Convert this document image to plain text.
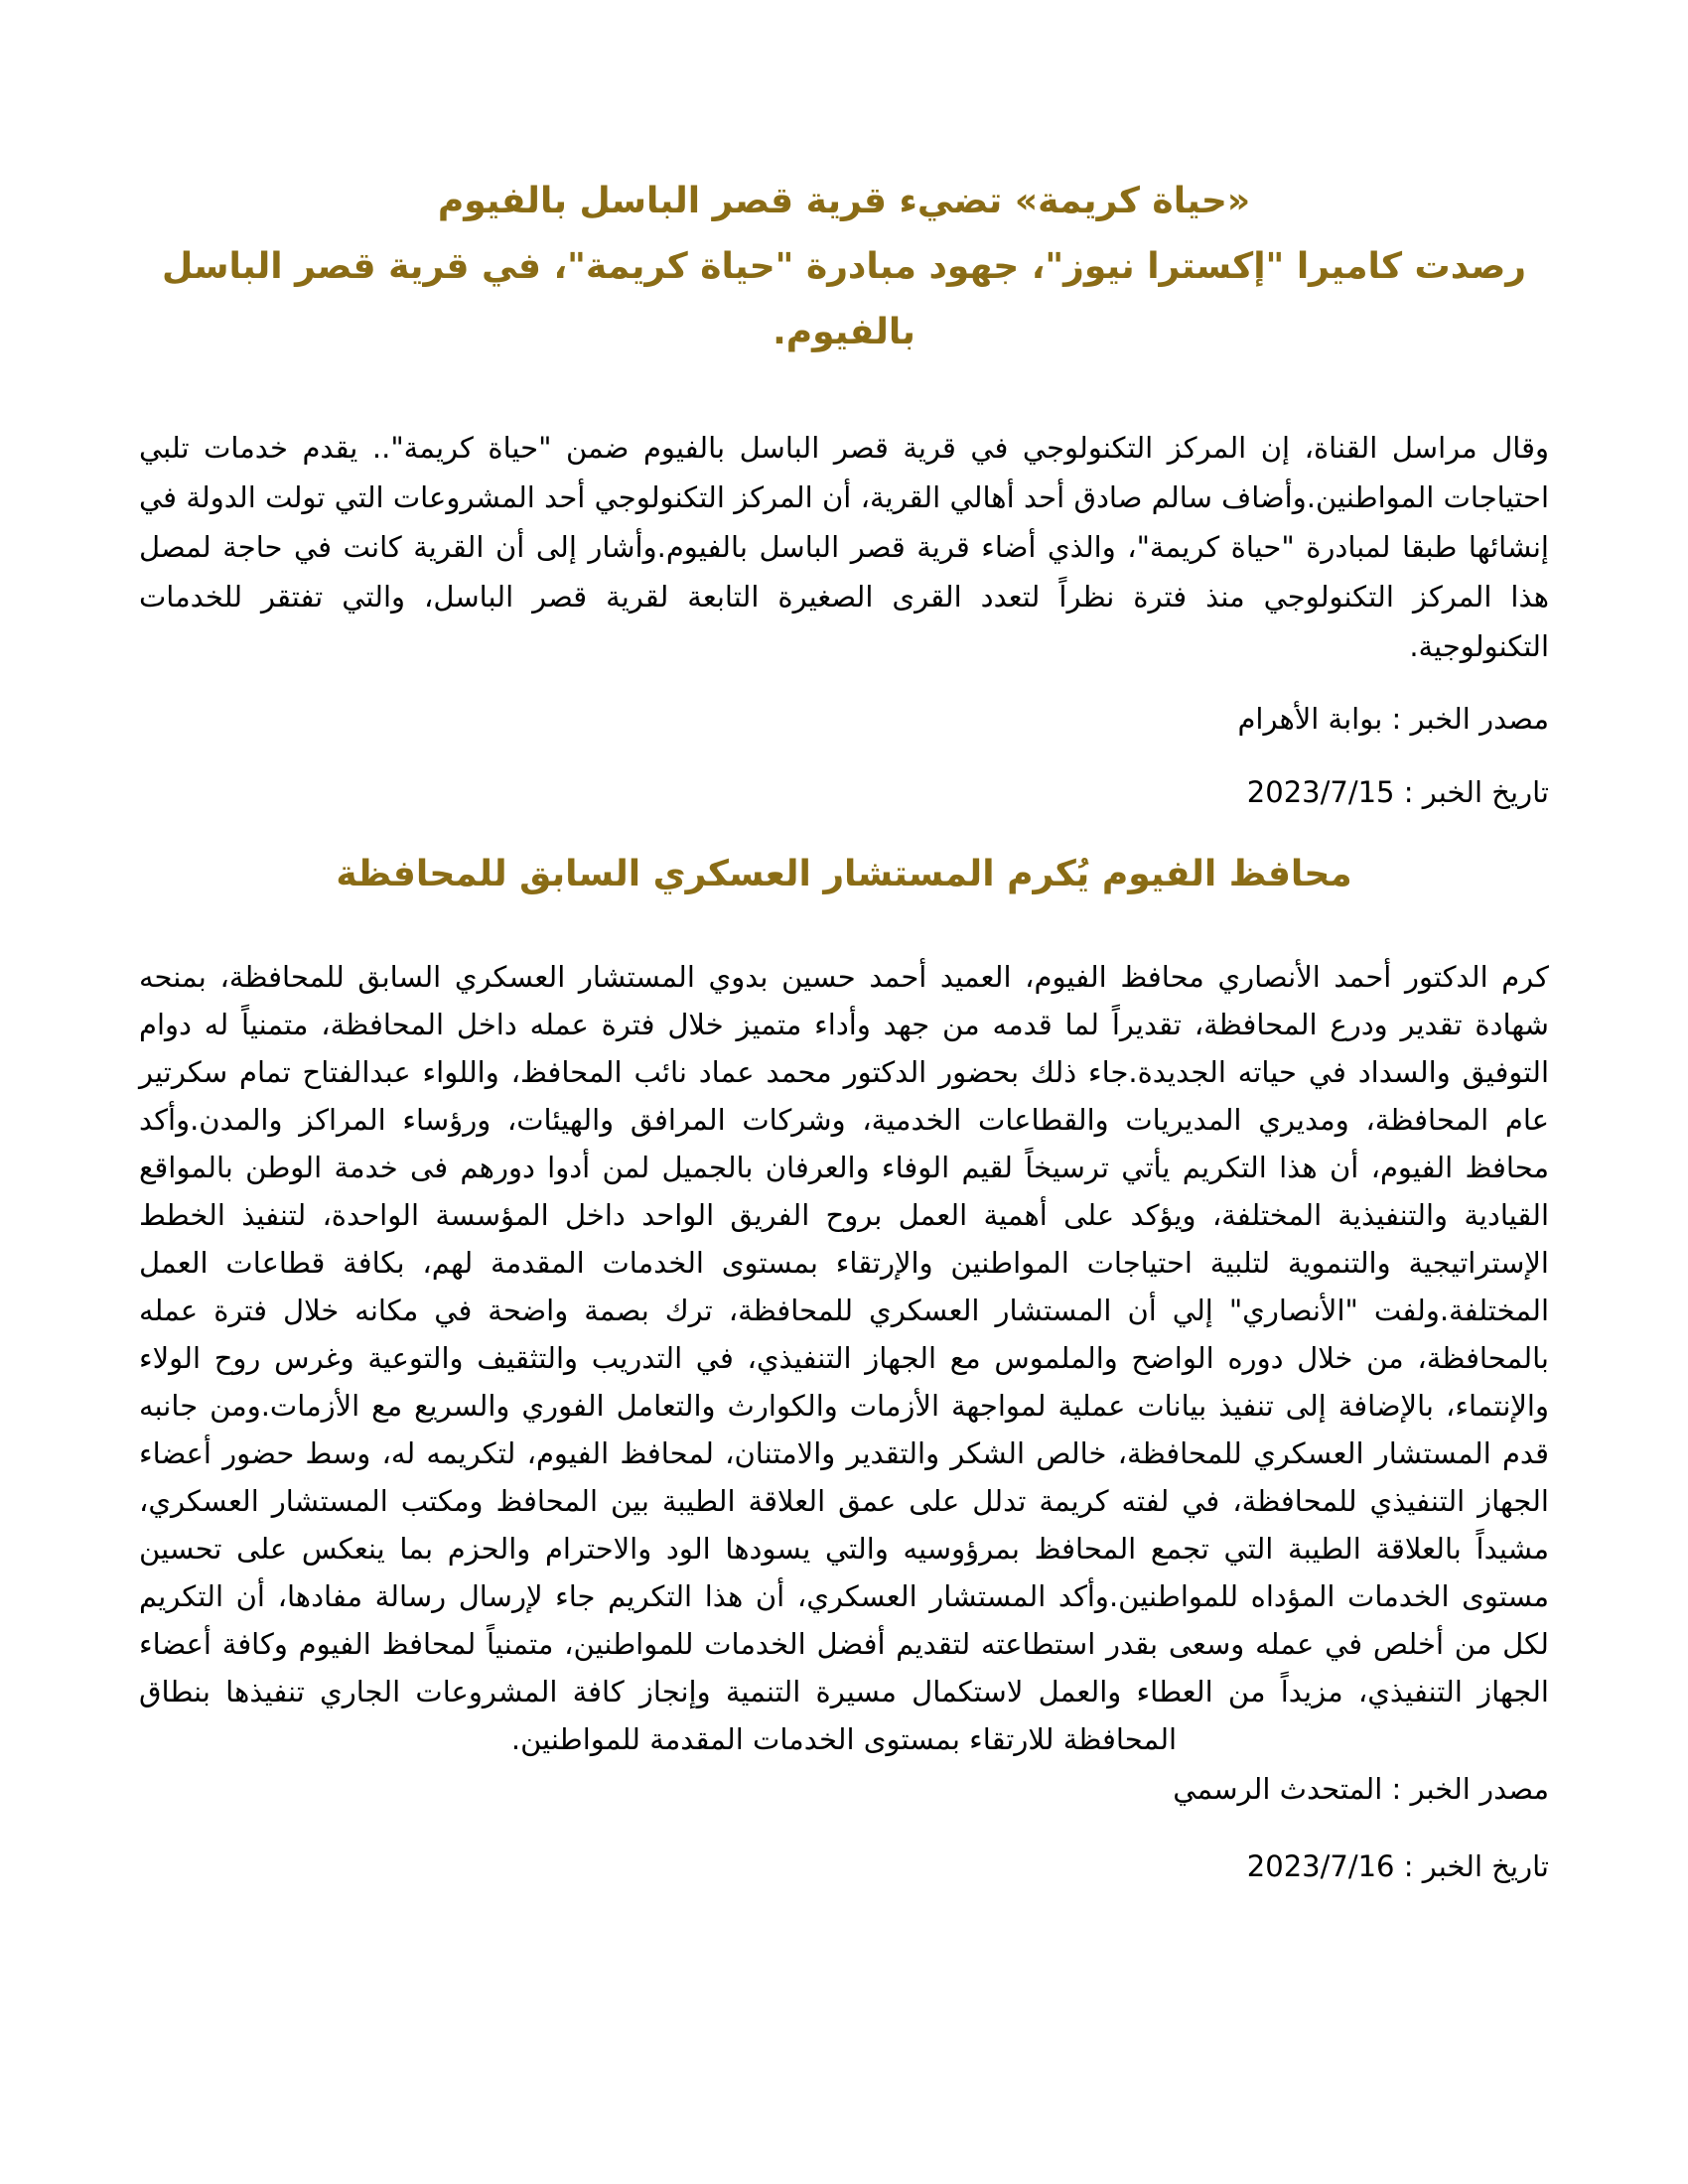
«حياة كريمة» تضيء قرية قصر الباسل بالفيوم
رصدت كاميرا "إكسترا نيوز"، جهود مبادرة "حياة كريمة"، في قرية قصر الباسل بالفيوم.

وقال مراسل القناة، إن المركز التكنولوجي في قرية قصر الباسل بالفيوم ضمن "حياة كريمة".. يقدم خدمات تلبي احتياجات المواطنين.وأضاف سالم صادق أحد أهالي القرية، أن المركز التكنولوجي أحد المشروعات التي تولت الدولة في إنشائها طبقا لمبادرة "حياة كريمة"، والذي أضاء قرية قصر الباسل بالفيوم.وأشار إلى أن القرية كانت في حاجة لمصل هذا المركز التكنولوجي منذ فترة نظراً لتعدد القرى الصغيرة التابعة لقرية قصر الباسل، والتي تفتقر للخدمات التكنولوجية.

مصدر الخبر : بوابة الأهرام
تاريخ الخبر : 2023/7/15
محافظ الفيوم يُكرم المستشار العسكري السابق للمحافظة

كرم الدكتور أحمد الأنصاري محافظ الفيوم، العميد أحمد حسين بدوي المستشار العسكري السابق للمحافظة، بمنحه شهادة تقدير ودرع المحافظة، تقديراً لما قدمه من جهد وأداء متميز خلال فترة عمله داخل المحافظة، متمنياً له دوام التوفيق والسداد في حياته الجديدة.جاء ذلك بحضور الدكتور محمد عماد نائب المحافظ، واللواء عبدالفتاح تمام سكرتير عام المحافظة، ومديري المديريات والقطاعات الخدمية، وشركات المرافق والهيئات، ورؤساء المراكز والمدن.وأكد محافظ الفيوم، أن هذا التكريم يأتي ترسيخاً لقيم الوفاء والعرفان بالجميل لمن أدوا دورهم فى خدمة الوطن بالمواقع القيادية والتنفيذية المختلفة، ويؤكد على أهمية العمل بروح الفريق الواحد داخل المؤسسة الواحدة، لتنفيذ الخطط الإستراتيجية والتنموية لتلبية احتياجات المواطنين والإرتقاء بمستوى الخدمات المقدمة لهم، بكافة قطاعات العمل المختلفة.ولفت "الأنصاري" إلي أن المستشار العسكري للمحافظة، ترك بصمة واضحة في مكانه خلال فترة عمله بالمحافظة، من خلال دوره الواضح والملموس مع الجهاز التنفيذي، في التدريب والتثقيف والتوعية وغرس روح الولاء والإنتماء، بالإضافة إلى تنفيذ بيانات عملية لمواجهة الأزمات والكوارث والتعامل الفوري والسريع مع الأزمات.ومن جانبه قدم المستشار العسكري للمحافظة، خالص الشكر والتقدير والامتنان، لمحافظ الفيوم، لتكريمه له، وسط حضور أعضاء الجهاز التنفيذي للمحافظة، في لفته كريمة تدلل على عمق العلاقة الطيبة بين المحافظ ومكتب المستشار العسكري، مشيداً بالعلاقة الطيبة التي تجمع المحافظ بمرؤوسيه والتي يسودها الود والاحترام والحزم بما ينعكس على تحسين مستوى الخدمات المؤداه للمواطنين.وأكد المستشار العسكري، أن هذا التكريم جاء لإرسال رسالة مفادها، أن التكريم لكل من أخلص في عمله وسعى بقدر استطاعته لتقديم أفضل الخدمات للمواطنين، متمنياً لمحافظ الفيوم وكافة أعضاء الجهاز التنفيذي، مزيداً من العطاء والعمل لاستكمال مسيرة التنمية وإنجاز كافة المشروعات الجاري تنفيذها بنطاق المحافظة للارتقاء بمستوى الخدمات المقدمة للمواطنين.

مصدر الخبر : المتحدث الرسمي
تاريخ الخبر : 2023/7/16
